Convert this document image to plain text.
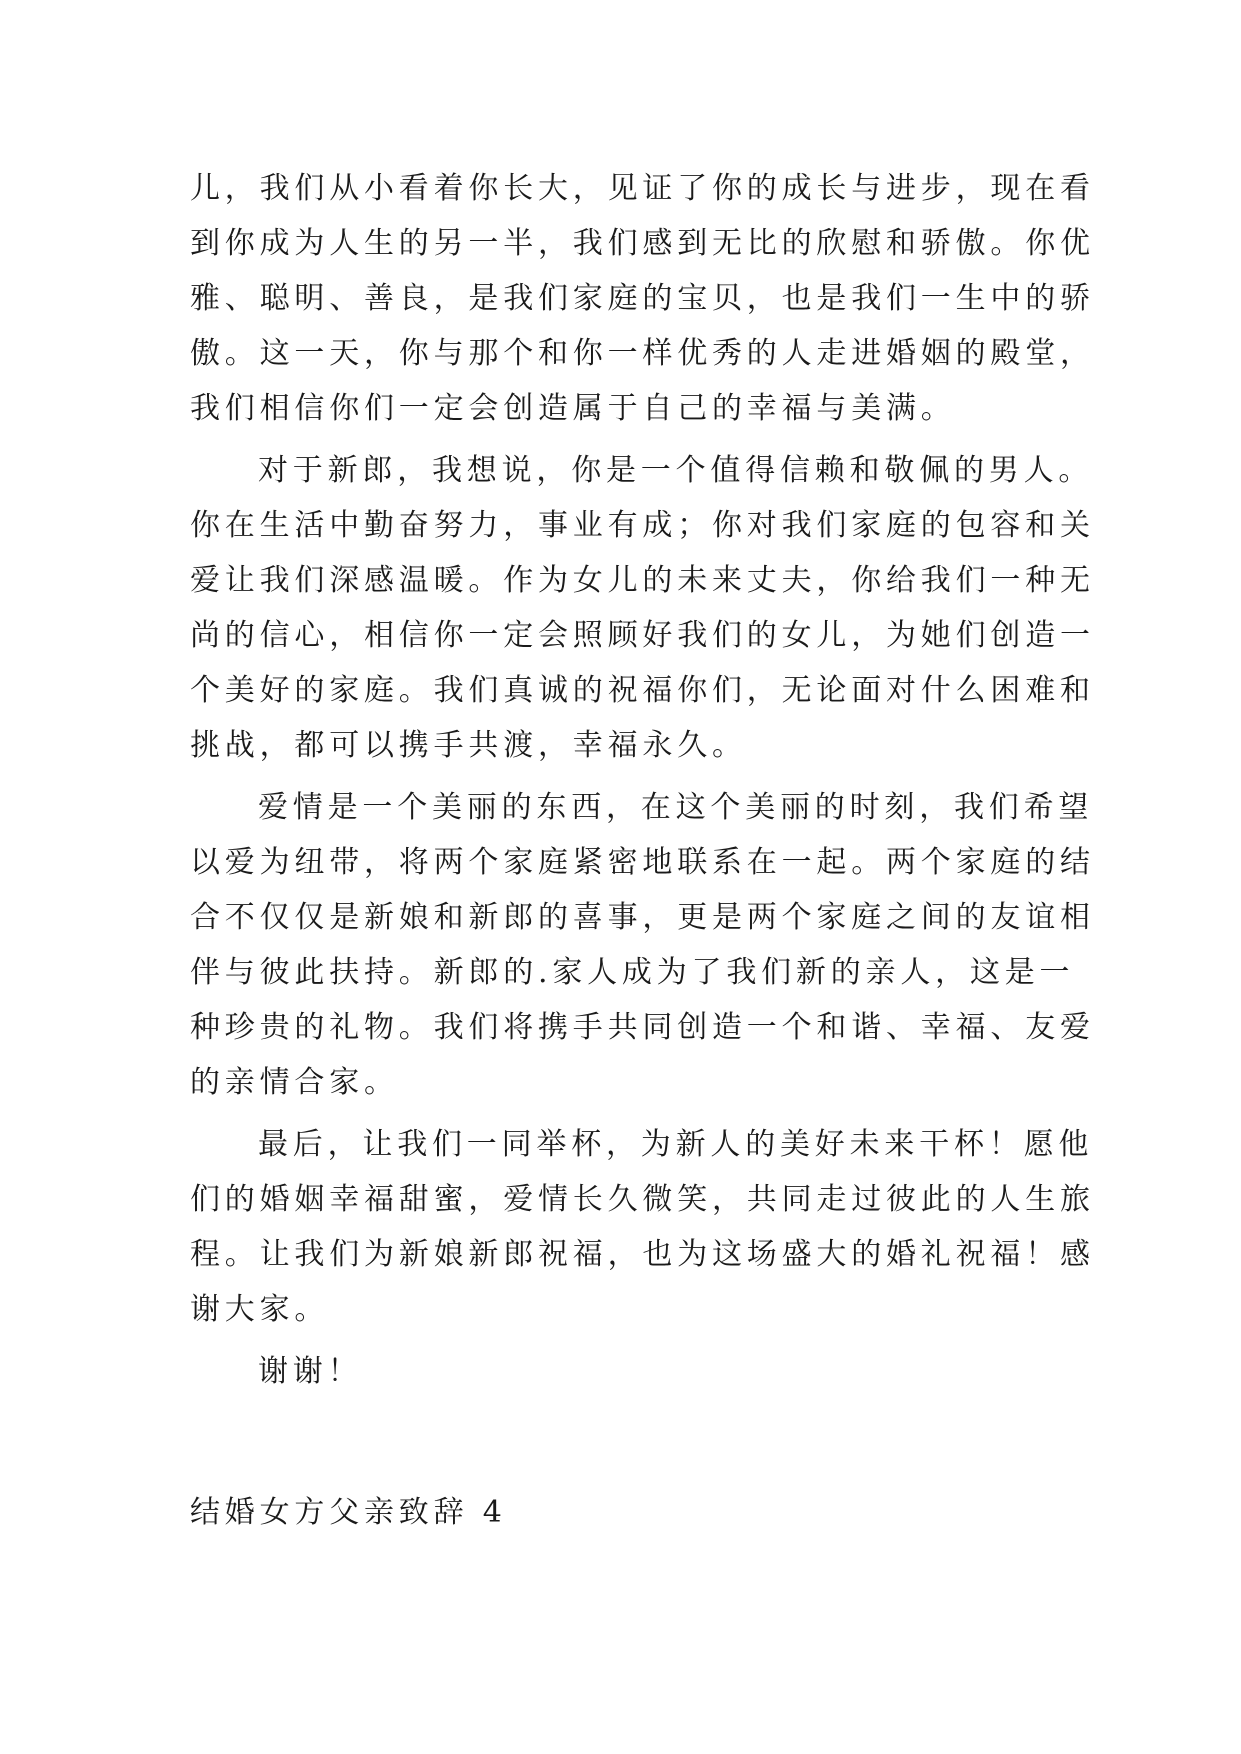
儿，我们从小看着你长大，见证了你的成长与进步，现在看
到你成为人生的另一半，我们感到无比的欣慰和骄傲。你优
雅、聪明、善良，是我们家庭的宝贝，也是我们一生中的骄
傲。这一天，你与那个和你一样优秀的人走进婚姻的殿堂，
我们相信你们一定会创造属于自己的幸福与美满。
对于新郎，我想说，你是一个值得信赖和敬佩的男人。
你在生活中勤奋努力，事业有成；你对我们家庭的包容和关
爱让我们深感温暖。作为女儿的未来丈夫，你给我们一种无
尚的信心，相信你一定会照顾好我们的女儿，为她们创造一
个美好的家庭。我们真诚的祝福你们，无论面对什么困难和
挑战，都可以携手共渡，幸福永久。
爱情是一个美丽的东西，在这个美丽的时刻，我们希望
以爱为纽带，将两个家庭紧密地联系在一起。两个家庭的结
合不仅仅是新娘和新郎的喜事，更是两个家庭之间的友谊相
伴与彼此扶持。新郎的.家人成为了我们新的亲人，这是一
种珍贵的礼物。我们将携手共同创造一个和谐、幸福、友爱
的亲情合家。
最后，让我们一同举杯，为新人的美好未来干杯！愿他
们的婚姻幸福甜蜜，爱情长久微笑，共同走过彼此的人生旅
程。让我们为新娘新郎祝福，也为这场盛大的婚礼祝福！感
谢大家。
谢谢！
结婚女方父亲致辞 4
